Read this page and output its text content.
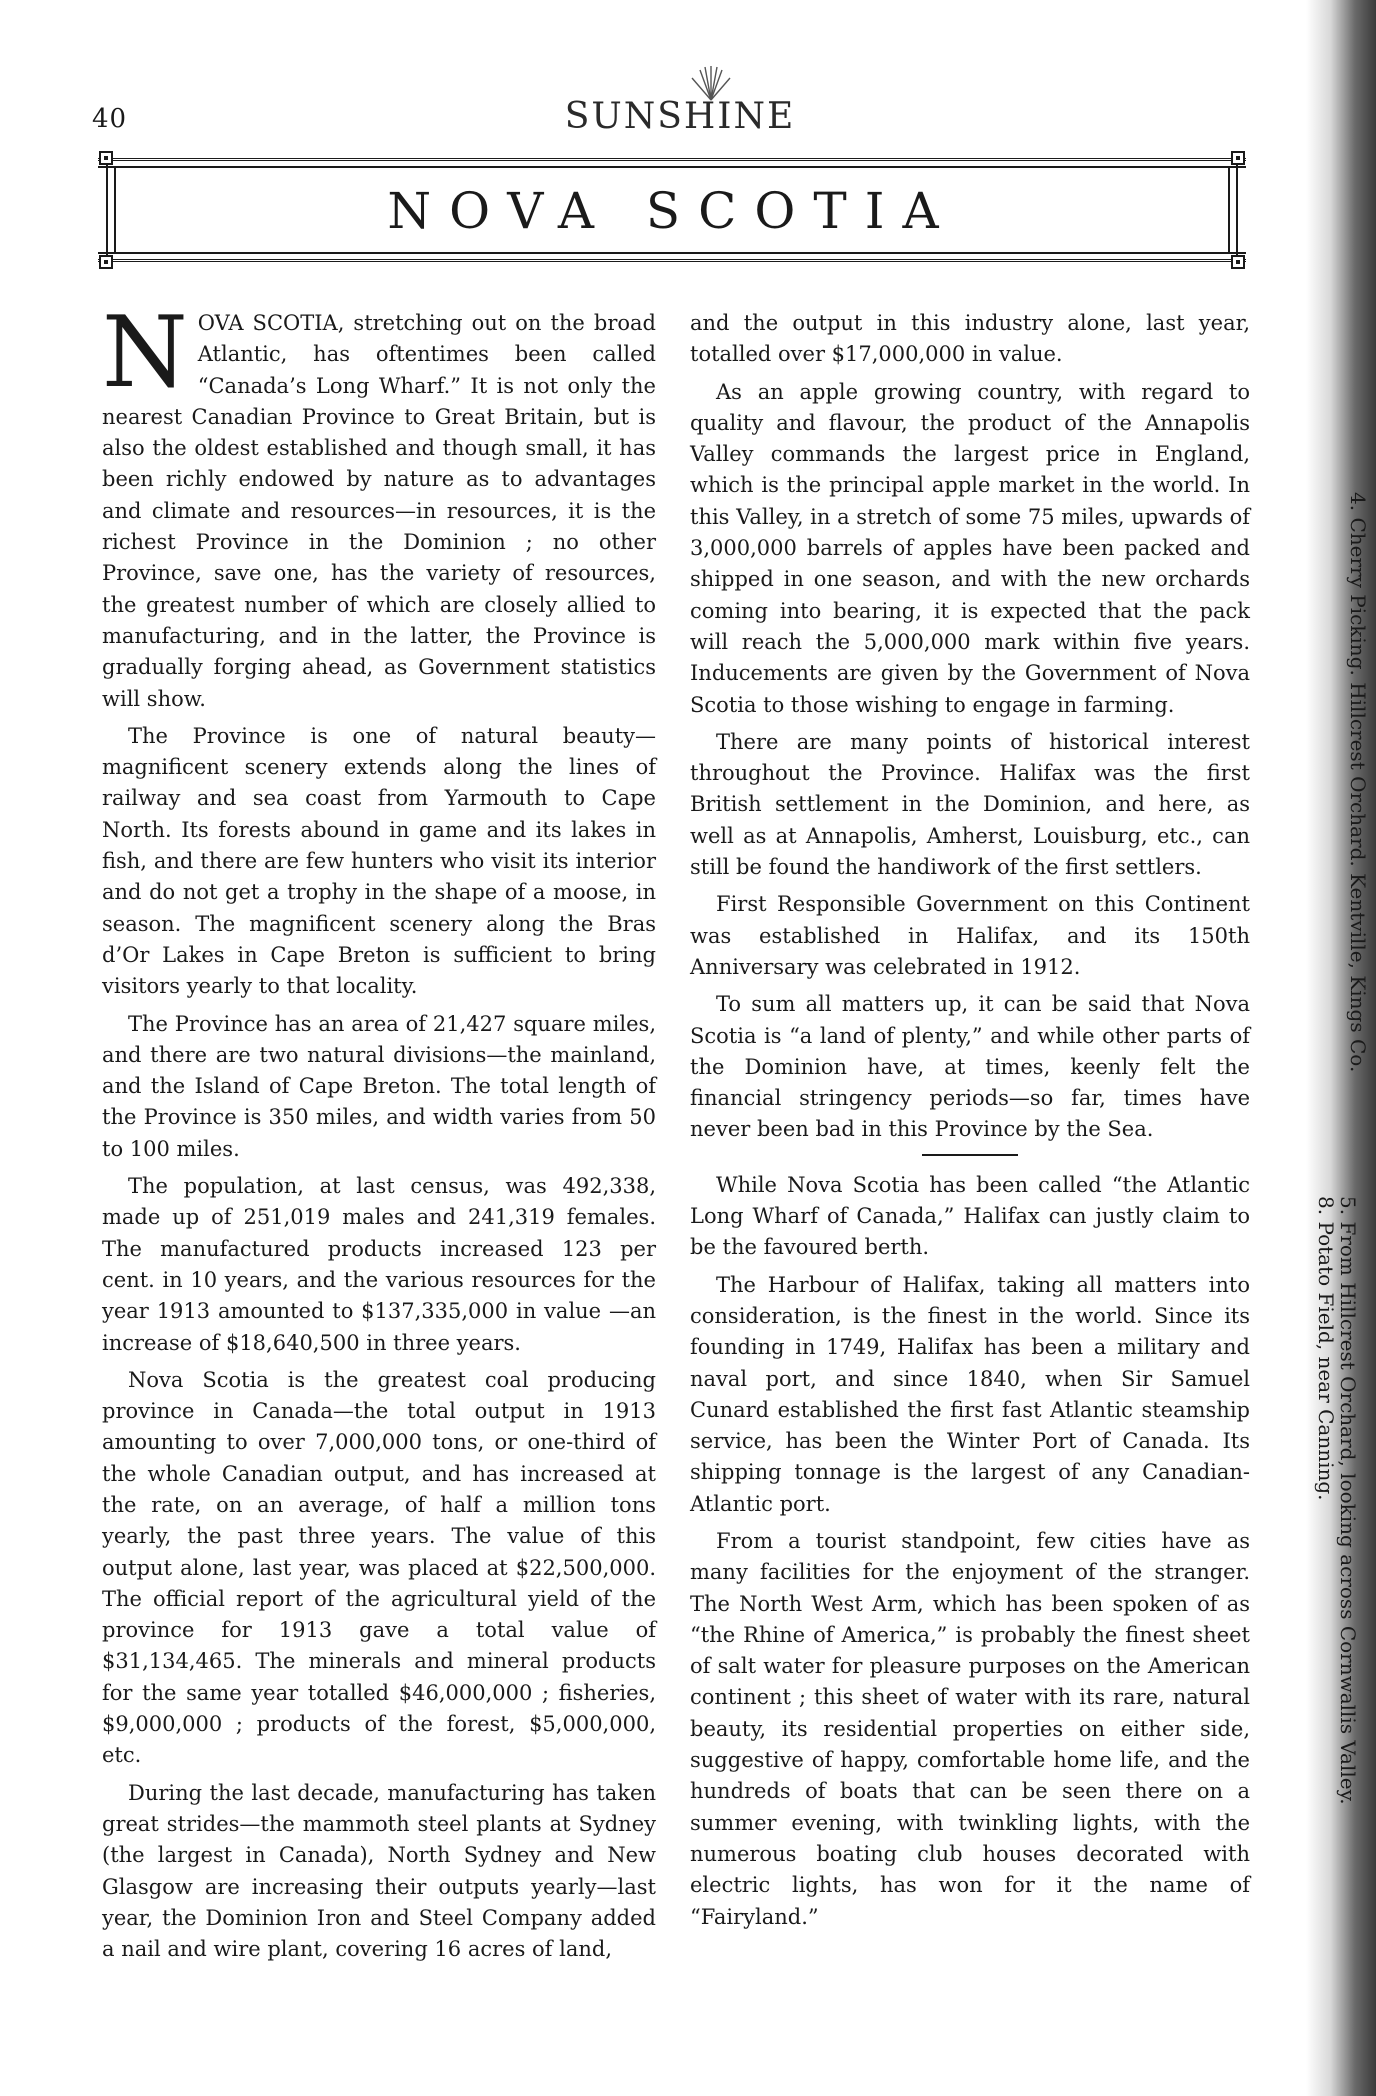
40	SUNSHINE
NOVA SCOTIA

NOVA SCOTIA, stretching out on the broad Atlantic, has oftentimes been called “Canada’s Long Wharf.” It is not only the nearest Canadian Province to Great Britain, but is also the oldest established and though small, it has been richly endowed by nature as to advantages and climate and resources—in resources, it is the richest Province in the Dominion ; no other Province, save one, has the variety of resources, the greatest number of which are closely allied to manufacturing, and in the latter, the Province is gradually forging ahead, as Government statistics will show.

The Province is one of natural beauty—magnificent scenery extends along the lines of railway and sea coast from Yarmouth to Cape North. Its forests abound in game and its lakes in fish, and there are few hunters who visit its interior and do not get a trophy in the shape of a moose, in season. The magnificent scenery along the Bras d’Or Lakes in Cape Breton is sufficient to bring visitors yearly to that locality.

The Province has an area of 21,427 square miles, and there are two natural divisions—the mainland, and the Island of Cape Breton. The total length of the Province is 350 miles, and width varies from 50 to 100 miles.

The population, at last census, was 492,338, made up of 251,019 males and 241,319 females. The manufactured products increased 123 per cent. in 10 years, and the various resources for the year 1913 amounted to $137,335,000 in value —an increase of $18,640,500 in three years.

Nova Scotia is the greatest coal producing province in Canada—the total output in 1913 amounting to over 7,000,000 tons, or one-third of the whole Canadian output, and has increased at the rate, on an average, of half a million tons yearly, the past three years. The value of this output alone, last year, was placed at $22,500,000. The official report of the agricultural yield of the province for 1913 gave a total value of $31,134,465. The minerals and mineral products for the same year totalled $46,000,000 ; fisheries, $9,000,000 ; products of the forest, $5,000,000, etc.

During the last decade, manufacturing has taken great strides—the mammoth steel plants at Sydney (the largest in Canada), North Sydney and New Glasgow are increasing their outputs yearly—last year, the Dominion Iron and Steel Company added a nail and wire plant, covering 16 acres of land,

and the output in this industry alone, last year, totalled over $17,000,000 in value.

As an apple growing country, with regard to quality and flavour, the product of the Annapolis Valley commands the largest price in England, which is the principal apple market in the world. In this Valley, in a stretch of some 75 miles, upwards of 3,000,000 barrels of apples have been packed and shipped in one season, and with the new orchards coming into bearing, it is expected that the pack will reach the 5,000,000 mark within five years. Inducements are given by the Government of Nova Scotia to those wishing to engage in farming.

There are many points of historical interest throughout the Province. Halifax was the first British settlement in the Dominion, and here, as well as at Annapolis, Amherst, Louisburg, etc., can still be found the handiwork of the first settlers.

First Responsible Government on this Continent was established in Halifax, and its 150th Anniversary was celebrated in 1912.

To sum all matters up, it can be said that Nova Scotia is “a land of plenty,” and while other parts of the Dominion have, at times, keenly felt the financial stringency periods—so far, times have never been bad in this Province by the Sea.

While Nova Scotia has been called “the Atlantic Long Wharf of Canada,” Halifax can justly claim to be the favoured berth.

The Harbour of Halifax, taking all matters into consideration, is the finest in the world. Since its founding in 1749, Halifax has been a military and naval port, and since 1840, when Sir Samuel Cunard established the first fast Atlantic steamship service, has been the Winter Port of Canada. Its shipping tonnage is the largest of any Canadian-Atlantic port.

From a tourist standpoint, few cities have as many facilities for the enjoyment of the stranger. The North West Arm, which has been spoken of as “the Rhine of America,” is probably the finest sheet of salt water for pleasure purposes on the American continent ; this sheet of water with its rare, natural beauty, its residential properties on either side, suggestive of happy, comfortable home life, and the hundreds of boats that can be seen there on a summer evening, with twinkling lights, with the numerous boating club houses decorated with electric lights, has won for it the name of “Fairyland.”

4. Cherry Picking. Hillcrest Orchard. Kentville, Kings Co.
5. From Hillcrest Orchard, looking across Cornwallis Valley.
8. Potato Field, near Canning.
